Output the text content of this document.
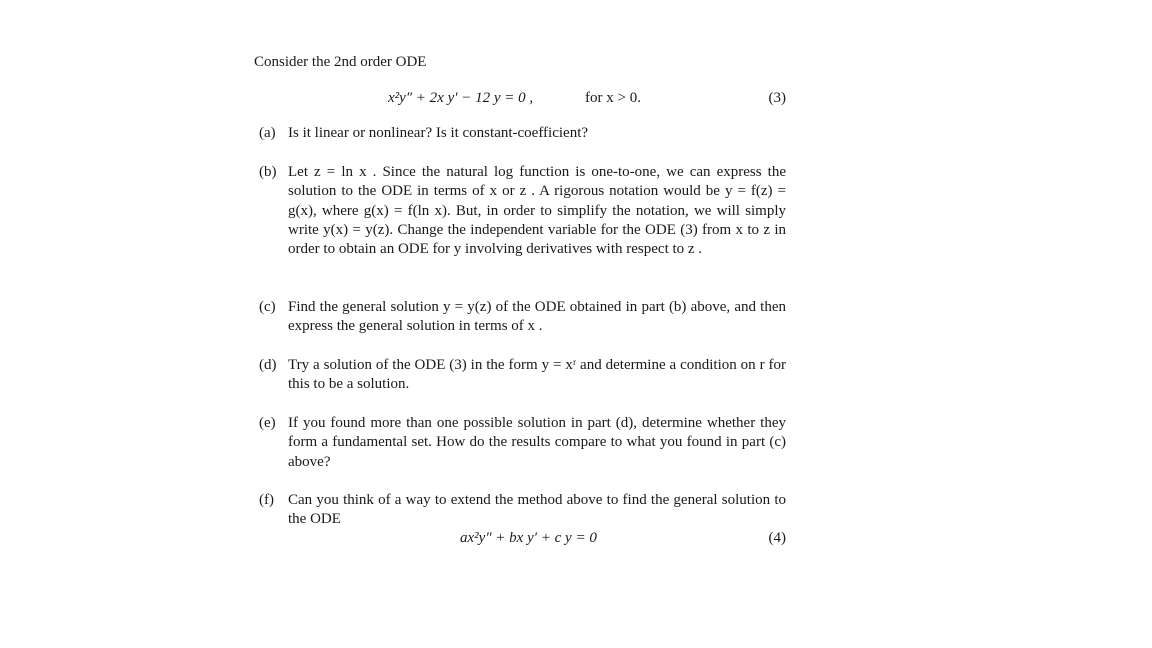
Consider the 2nd order ODE
x²y″ + 2x y′ − 12 y = 0 ,	for x > 0.	(3)
(a) Is it linear or nonlinear? Is it constant-coefficient?
(b) Let z = ln x . Since the natural log function is one-to-one, we can express the solution to the ODE in terms of x or z . A rigorous notation would be y = f(z) = g(x), where g(x) = f(ln x). But, in order to simplify the notation, we will simply write y(x) = y(z). Change the independent variable for the ODE (3) from x to z in order to obtain an ODE for y involving derivatives with respect to z .
(c) Find the general solution y = y(z) of the ODE obtained in part (b) above, and then express the general solution in terms of x .
(d) Try a solution of the ODE (3) in the form y = xʳ and determine a condition on r for this to be a solution.
(e) If you found more than one possible solution in part (d), determine whether they form a fundamental set. How do the results compare to what you found in part (c) above?
(f) Can you think of a way to extend the method above to find the general solution to the ODE
ax²y″ + bx y′ + c y = 0	(4)
